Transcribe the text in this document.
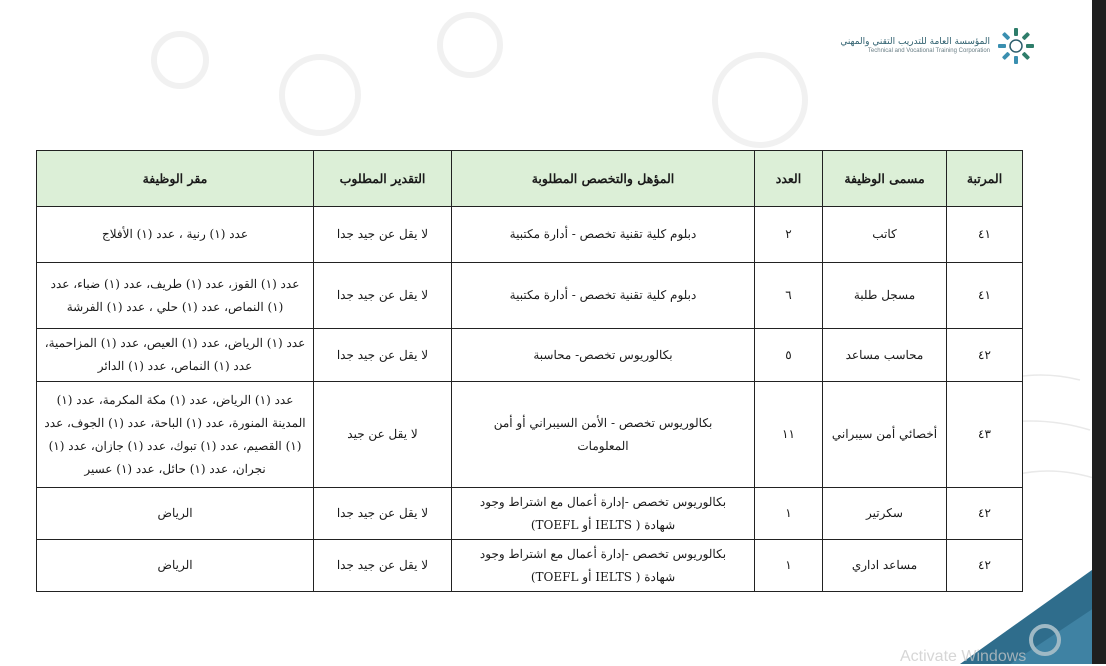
المؤسسة العامة للتدريب التقني والمهني
Technical and Vocational Training Corporation
المرتبة	مسمى الوظيفة	العدد	المؤهل والتخصص المطلوبة	التقدير المطلوب	مقر الوظيفة
٤١	كاتب	٢	دبلوم كلية تقنية تخصص - أدارة مكتبية	لا يقل عن جيد جدا	عدد (١) رنية ، عدد (١) الأفلاج
٤١	مسجل طلبة	٦	دبلوم كلية تقنية تخصص - أدارة مكتبية	لا يقل عن جيد جدا	عدد (١) القوز، عدد (١) طريف، عدد (١) ضباء، عدد (١) النماص، عدد (١) حلي ، عدد (١) الفرشة
٤٢	محاسب مساعد	٥	بكالوريوس تخصص- محاسبة	لا يقل عن جيد جدا	عدد (١) الرياض، عدد (١) العيص، عدد (١) المزاحمية، عدد (١) النماص، عدد (١) الدائر
٤٣	أخصائي أمن سيبراني	١١	بكالوريوس تخصص - الأمن السيبراني أو أمن المعلومات	لا يقل عن جيد	عدد (١) الرياض، عدد (١) مكة المكرمة، عدد (١) المدينة المنورة، عدد (١) الباحة، عدد (١) الجوف، عدد (١) القصيم، عدد (١) تبوك، عدد (١) جازان، عدد (١) نجران، عدد (١) حائل، عدد (١) عسير
٤٢	سكرتير	١	بكالوريوس تخصص -إدارة أعمال مع اشتراط وجود شهادة ( IELTS أو TOEFL)	لا يقل عن جيد جدا	الرياض
٤٢	مساعد اداري	١	بكالوريوس تخصص -إدارة أعمال مع اشتراط وجود شهادة ( IELTS أو TOEFL)	لا يقل عن جيد جدا	الرياض
Activate Windows
